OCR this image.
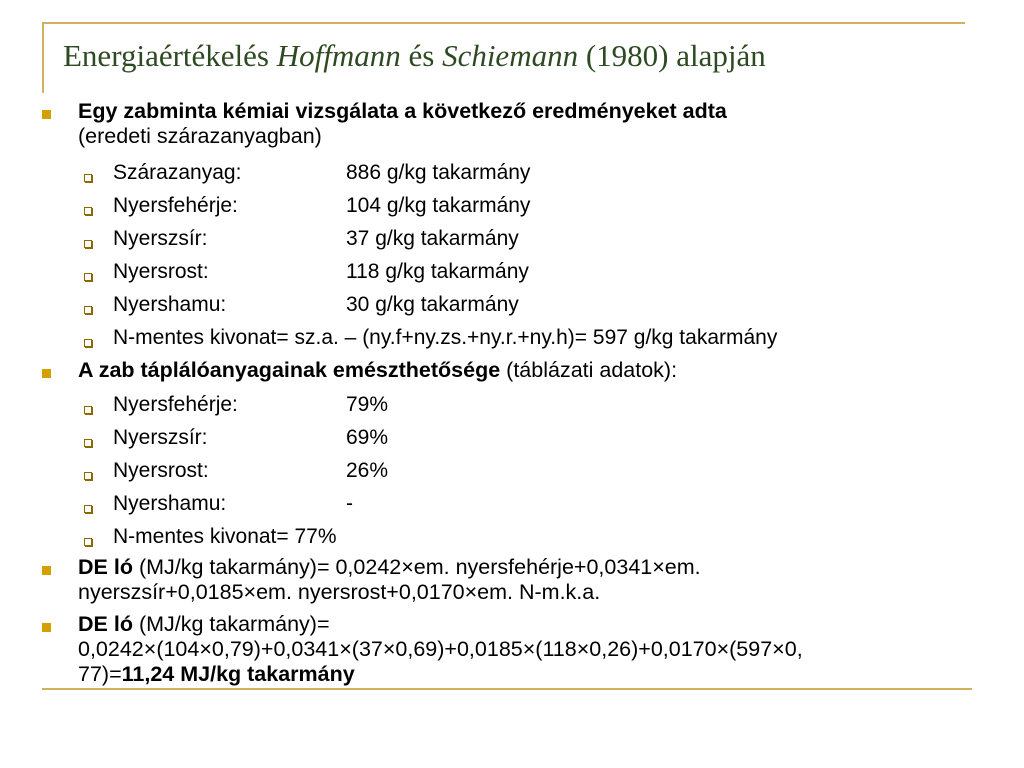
Energiaértékelés Hoffmann és Schiemann (1980) alapján
Egy zabminta kémiai vizsgálata a következő eredményeket adta
(eredeti szárazanyagban)
Szárazanyag:	886 g/kg takarmány
Nyersfehérje:	104 g/kg takarmány
Nyerszsír:	37 g/kg takarmány
Nyersrost:	118 g/kg takarmány
Nyershamu:	30 g/kg takarmány
N-mentes kivonat= sz.a. – (ny.f+ny.zs.+ny.r.+ny.h)= 597 g/kg takarmány
A zab táplálóanyagainak emészthetősége (táblázati adatok):
Nyersfehérje:	79%
Nyerszsír:	69%
Nyersrost:	26%
Nyershamu:	-
N-mentes kivonat= 77%
DE ló (MJ/kg takarmány)= 0,0242×em. nyersfehérje+0,0341×em.
nyerszsír+0,0185×em. nyersrost+0,0170×em. N-m.k.a.
DE ló (MJ/kg takarmány)=
0,0242×(104×0,79)+0,0341×(37×0,69)+0,0185×(118×0,26)+0,0170×(597×0,
77)=11,24 MJ/kg takarmány
